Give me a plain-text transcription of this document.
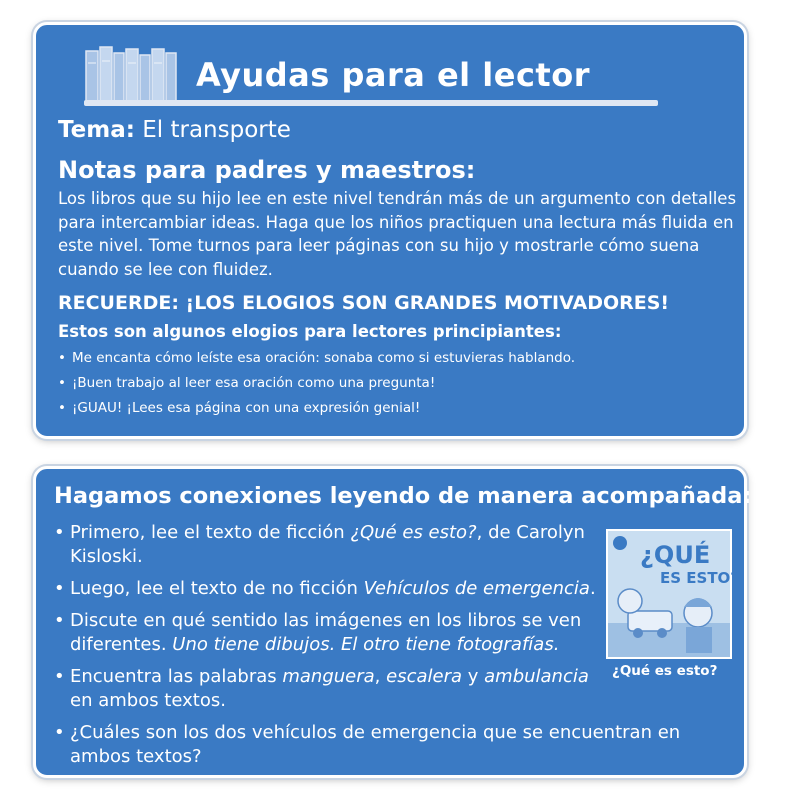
Ayudas para el lector
Tema: El transporte
Notas para padres y maestros:
Los libros que su hijo lee en este nivel tendrán más de un argumento con detalles para intercambiar ideas. Haga que los niños practiquen una lectura más fluida en este nivel. Tome turnos para leer páginas con su hijo y mostrarle cómo suena cuando se lee con fluidez.
RECUERDE: ¡LOS ELOGIOS SON GRANDES MOTIVADORES!
Estos son algunos elogios para lectores principiantes:
• Me encanta cómo leíste esa oración: sonaba como si estuvieras hablando.
• ¡Buen trabajo al leer esa oración como una pregunta!
• ¡GUAU! ¡Lees esa página con una expresión genial!
Hagamos conexiones leyendo de manera acompañada:
• Primero, lee el texto de ficción ¿Qué es esto?, de Carolyn Kisloski.
• Luego, lee el texto de no ficción Vehículos de emergencia.
• Discute en qué sentido las imágenes en los libros se ven diferentes. Uno tiene dibujos. El otro tiene fotografías.
• Encuentra las palabras manguera, escalera y ambulancia en ambos textos.
• ¿Cuáles son los dos vehículos de emergencia que se encuentran en ambos textos?
¿QUÉ
ES ESTO?
¿Qué es esto?
